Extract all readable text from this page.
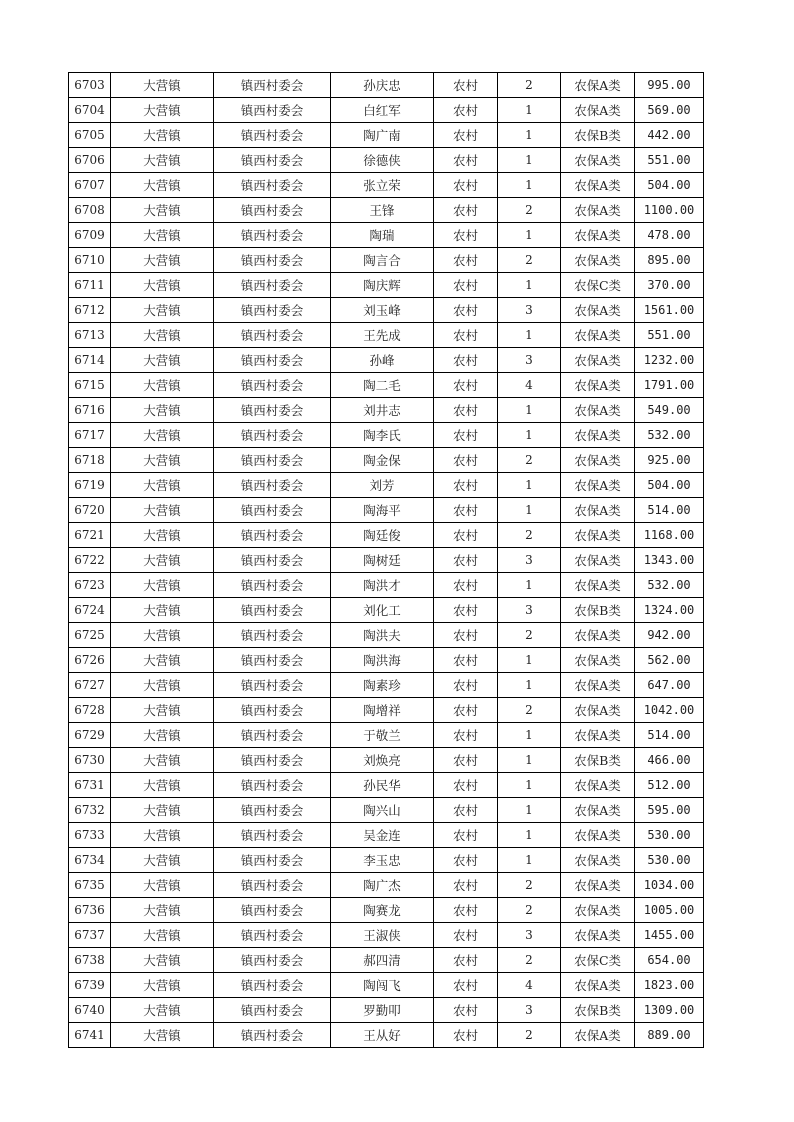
6703	大营镇	镇西村委会	孙庆忠	农村	2	农保A类	995.00
6704	大营镇	镇西村委会	白红军	农村	1	农保A类	569.00
6705	大营镇	镇西村委会	陶广南	农村	1	农保B类	442.00
6706	大营镇	镇西村委会	徐德侠	农村	1	农保A类	551.00
6707	大营镇	镇西村委会	张立荣	农村	1	农保A类	504.00
6708	大营镇	镇西村委会	王锋	农村	2	农保A类	1100.00
6709	大营镇	镇西村委会	陶瑞	农村	1	农保A类	478.00
6710	大营镇	镇西村委会	陶言合	农村	2	农保A类	895.00
6711	大营镇	镇西村委会	陶庆辉	农村	1	农保C类	370.00
6712	大营镇	镇西村委会	刘玉峰	农村	3	农保A类	1561.00
6713	大营镇	镇西村委会	王先成	农村	1	农保A类	551.00
6714	大营镇	镇西村委会	孙峰	农村	3	农保A类	1232.00
6715	大营镇	镇西村委会	陶二毛	农村	4	农保A类	1791.00
6716	大营镇	镇西村委会	刘井志	农村	1	农保A类	549.00
6717	大营镇	镇西村委会	陶李氏	农村	1	农保A类	532.00
6718	大营镇	镇西村委会	陶金保	农村	2	农保A类	925.00
6719	大营镇	镇西村委会	刘芳	农村	1	农保A类	504.00
6720	大营镇	镇西村委会	陶海平	农村	1	农保A类	514.00
6721	大营镇	镇西村委会	陶廷俊	农村	2	农保A类	1168.00
6722	大营镇	镇西村委会	陶树廷	农村	3	农保A类	1343.00
6723	大营镇	镇西村委会	陶洪才	农村	1	农保A类	532.00
6724	大营镇	镇西村委会	刘化工	农村	3	农保B类	1324.00
6725	大营镇	镇西村委会	陶洪夫	农村	2	农保A类	942.00
6726	大营镇	镇西村委会	陶洪海	农村	1	农保A类	562.00
6727	大营镇	镇西村委会	陶素珍	农村	1	农保A类	647.00
6728	大营镇	镇西村委会	陶增祥	农村	2	农保A类	1042.00
6729	大营镇	镇西村委会	于敬兰	农村	1	农保A类	514.00
6730	大营镇	镇西村委会	刘焕亮	农村	1	农保B类	466.00
6731	大营镇	镇西村委会	孙民华	农村	1	农保A类	512.00
6732	大营镇	镇西村委会	陶兴山	农村	1	农保A类	595.00
6733	大营镇	镇西村委会	吴金连	农村	1	农保A类	530.00
6734	大营镇	镇西村委会	李玉忠	农村	1	农保A类	530.00
6735	大营镇	镇西村委会	陶广杰	农村	2	农保A类	1034.00
6736	大营镇	镇西村委会	陶赛龙	农村	2	农保A类	1005.00
6737	大营镇	镇西村委会	王淑侠	农村	3	农保A类	1455.00
6738	大营镇	镇西村委会	郝四清	农村	2	农保C类	654.00
6739	大营镇	镇西村委会	陶闯飞	农村	4	农保A类	1823.00
6740	大营镇	镇西村委会	罗勤叩	农村	3	农保B类	1309.00
6741	大营镇	镇西村委会	王从好	农村	2	农保A类	889.00
